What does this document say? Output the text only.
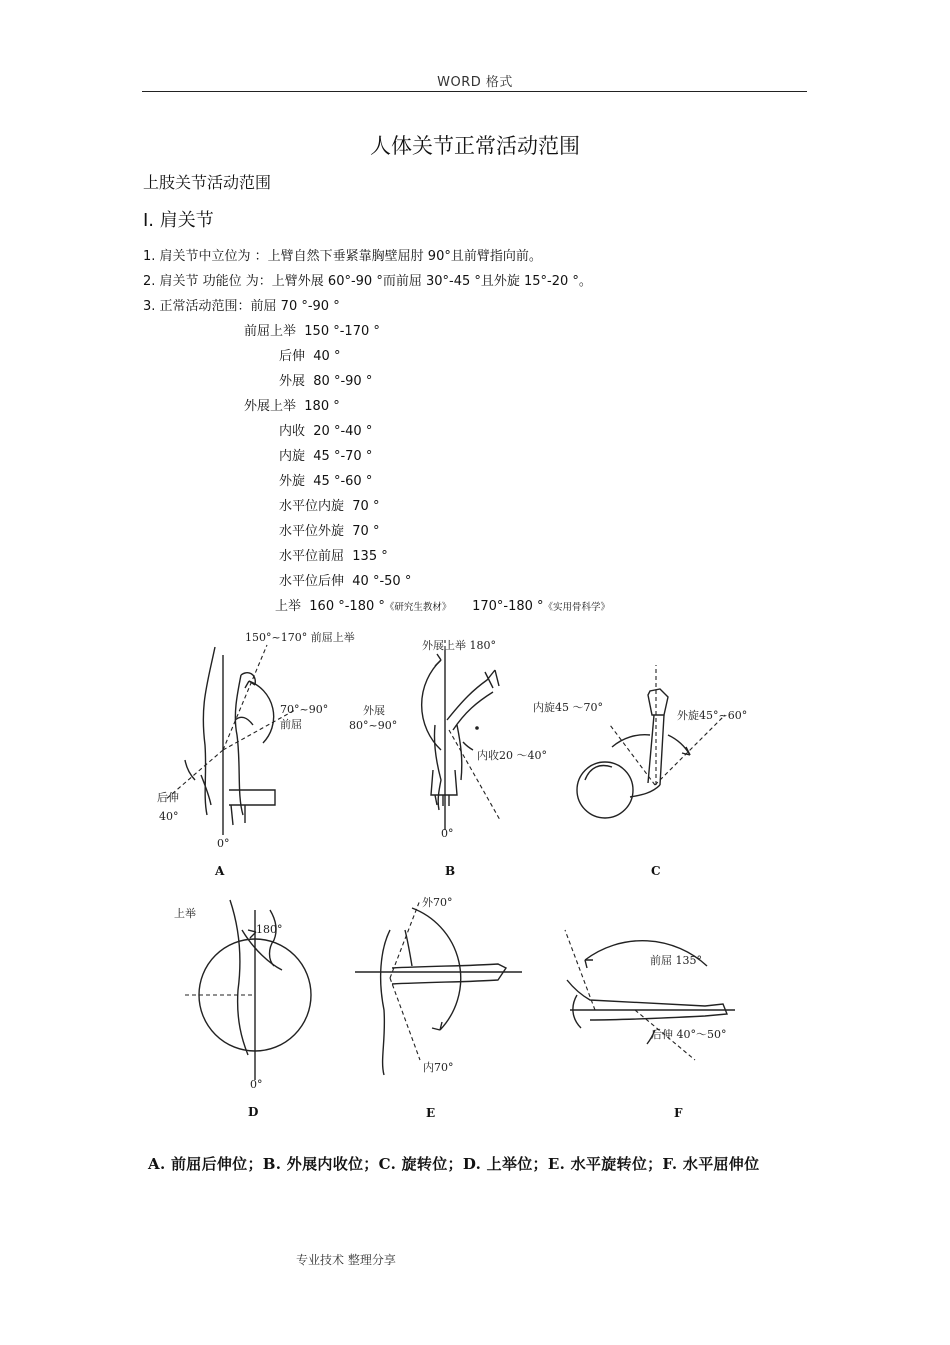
WORD 格式
人体关节正常活动范围
上肢关节活动范围
I. 肩关节
1. 肩关节中立位为 ：上臂自然下垂紧靠胸壁屈肘 90°且前臂指向前。
2. 肩关节 功能位 为：上臂外展 60°-90 °而前屈 30°-45 °且外旋 15°-20 °。
3. 正常活动范围：前屈 70 °-90 °
前屈上举 150 °-170 °
后伸 40 °
外展 80 °-90 °
外展上举 180 °
内收 20 °-40 °
内旋 45 °-70 °
外旋 45 °-60 °
水平位内旋 70 °
水平位外旋 70 °
水平位前屈 135 °
水平位后伸 40 °-50 °
上举 160 °-180 °《研究生教材》 170°-180 °《实用骨科学》
150°~170° 前屈上举
70°~90°
前屈
后伸
40°
0°
A
外展上举 180°
外展
80°~90°
内收20 ～40°
0°
B
内旋45 ～70°
外旋45°~60°
C
上举
180°
0°
D
外70°
内70°
E
前屈 135°
后伸 40°～50°
F
A. 前屈后伸位；B. 外展内收位；C. 旋转位；D. 上举位；E. 水平旋转位；F. 水平屈伸位
专业技术 整理分享
